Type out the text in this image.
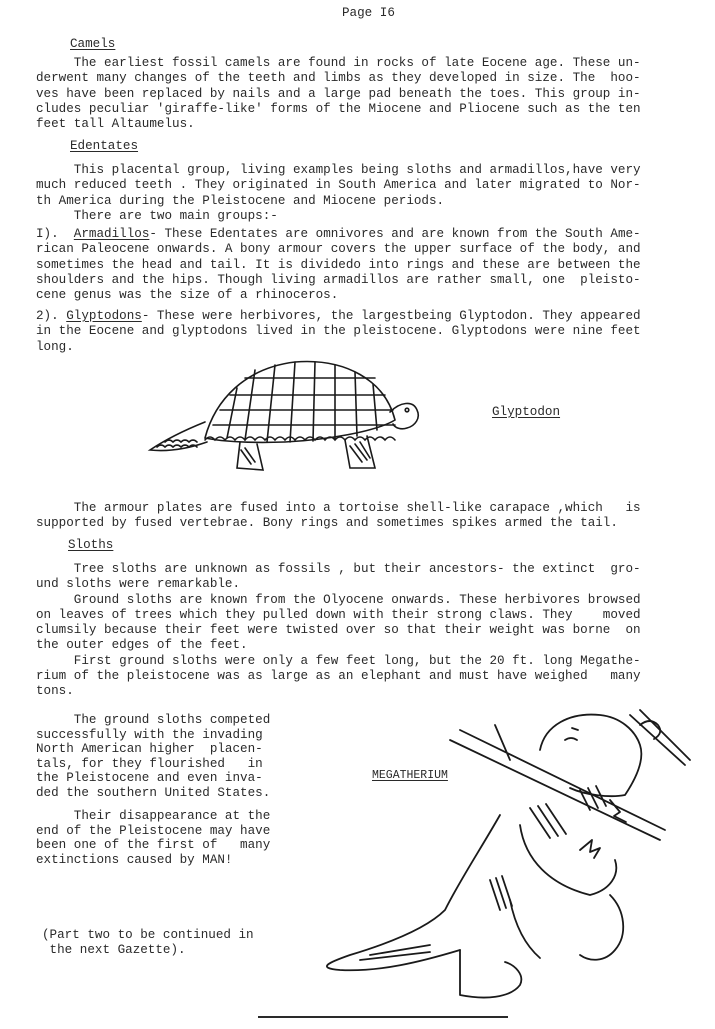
Page I6
Camels
The earliest fossil camels are found in rocks of late Eocene age. These un-
derwent many changes of the teeth and limbs as they developed in size. The  hoo-
ves have been replaced by nails and a large pad beneath the toes. This group in-
cludes peculiar 'giraffe-like' forms of the Miocene and Pliocene such as the ten
feet tall Altaumelus.
Edentates
This placental group, living examples being sloths and armadillos,have very
much reduced teeth . They originated in South America and later migrated to Nor-
th America during the Pleistocene and Miocene periods.
There are two main groups:-
I).  Armadillos- These Edentates are omnivores and are known from the South Ame-
rican Paleocene onwards. A bony armour covers the upper surface of the body, and
sometimes the head and tail. It is dividedo into rings and these are between the
shoulders and the hips. Though living armadillos are rather small, one  pleisto-
cene genus was the size of a rhinoceros.
2). Glyptodons- These were herbivores, the largestbeing Glyptodon. They appeared
in the Eocene and glyptodons lived in the pleistocene. Glyptodons were nine feet
long.
Glyptodon
The armour plates are fused into a tortoise shell-like carapace ,which   is
supported by fused vertebrae. Bony rings and sometimes spikes armed the tail.
Sloths
Tree sloths are unknown as fossils , but their ancestors- the extinct  gro-
und sloths were remarkable.
Ground sloths are known from the Olyocene onwards. These herbivores browsed
on leaves of trees which they pulled down with their strong claws. They    moved
clumsily because their feet were twisted over so that their weight was borne  on
the outer edges of the feet.
First ground sloths were only a few feet long, but the 20 ft. long Megathe-
rium of the pleistocene was as large as an elephant and must have weighed   many
tons.
The ground sloths competed
successfully with the invading
North American higher  placen-
tals, for they flourished   in
the Pleistocene and even inva-
ded the southern United States.
Their disappearance at the
end of the Pleistocene may have
been one of the first of   many
extinctions caused by MAN!
MEGATHERIUM
(Part two to be continued in
the next Gazette).
